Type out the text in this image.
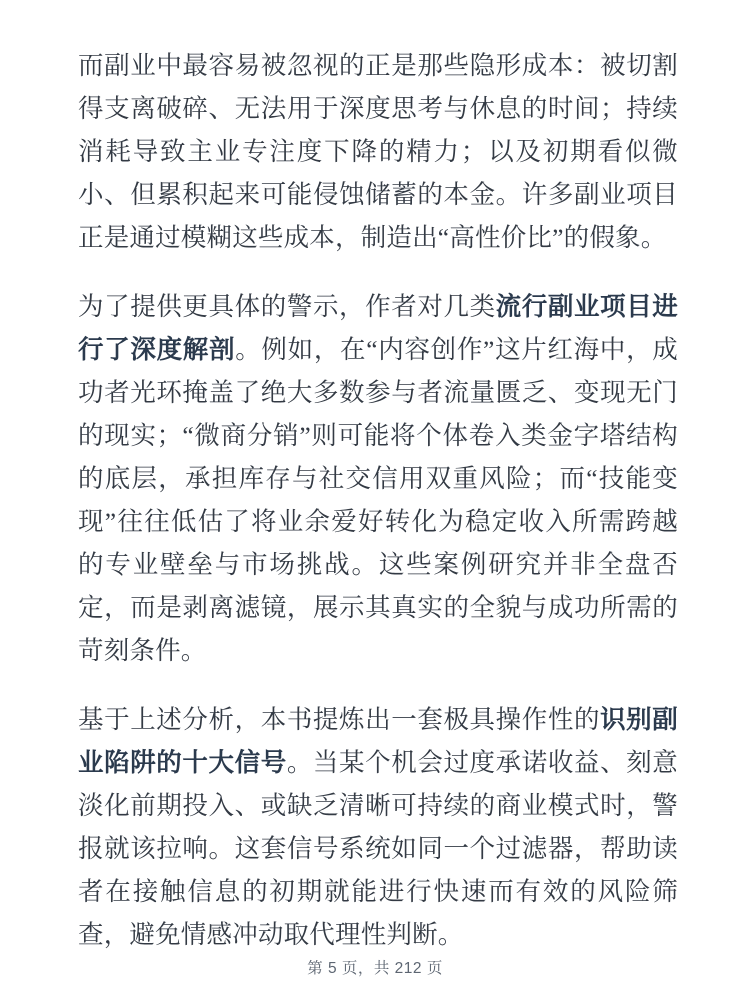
而副业中最容易被忽视的正是那些隐形成本：被切割得支离破碎、无法用于深度思考与休息的时间；持续消耗导致主业专注度下降的精力；以及初期看似微小、但累积起来可能侵蚀储蓄的本金。许多副业项目正是通过模糊这些成本，制造出“高性价比”的假象。

为了提供更具体的警示，作者对几类流行副业项目进行了深度解剖。例如，在“内容创作”这片红海中，成功者光环掩盖了绝大多数参与者流量匮乏、变现无门的现实；“微商分销”则可能将个体卷入类金字塔结构的底层，承担库存与社交信用双重风险；而“技能变现”往往低估了将业余爱好转化为稳定收入所需跨越的专业壁垒与市场挑战。这些案例研究并非全盘否定，而是剥离滤镜，展示其真实的全貌与成功所需的苛刻条件。

基于上述分析，本书提炼出一套极具操作性的识别副业陷阱的十大信号。当某个机会过度承诺收益、刻意淡化前期投入、或缺乏清晰可持续的商业模式时，警报就该拉响。这套信号系统如同一个过滤器，帮助读者在接触信息的初期就能进行快速而有效的风险筛查，避免情感冲动取代理性判断。

第 5 页，共 212 页
